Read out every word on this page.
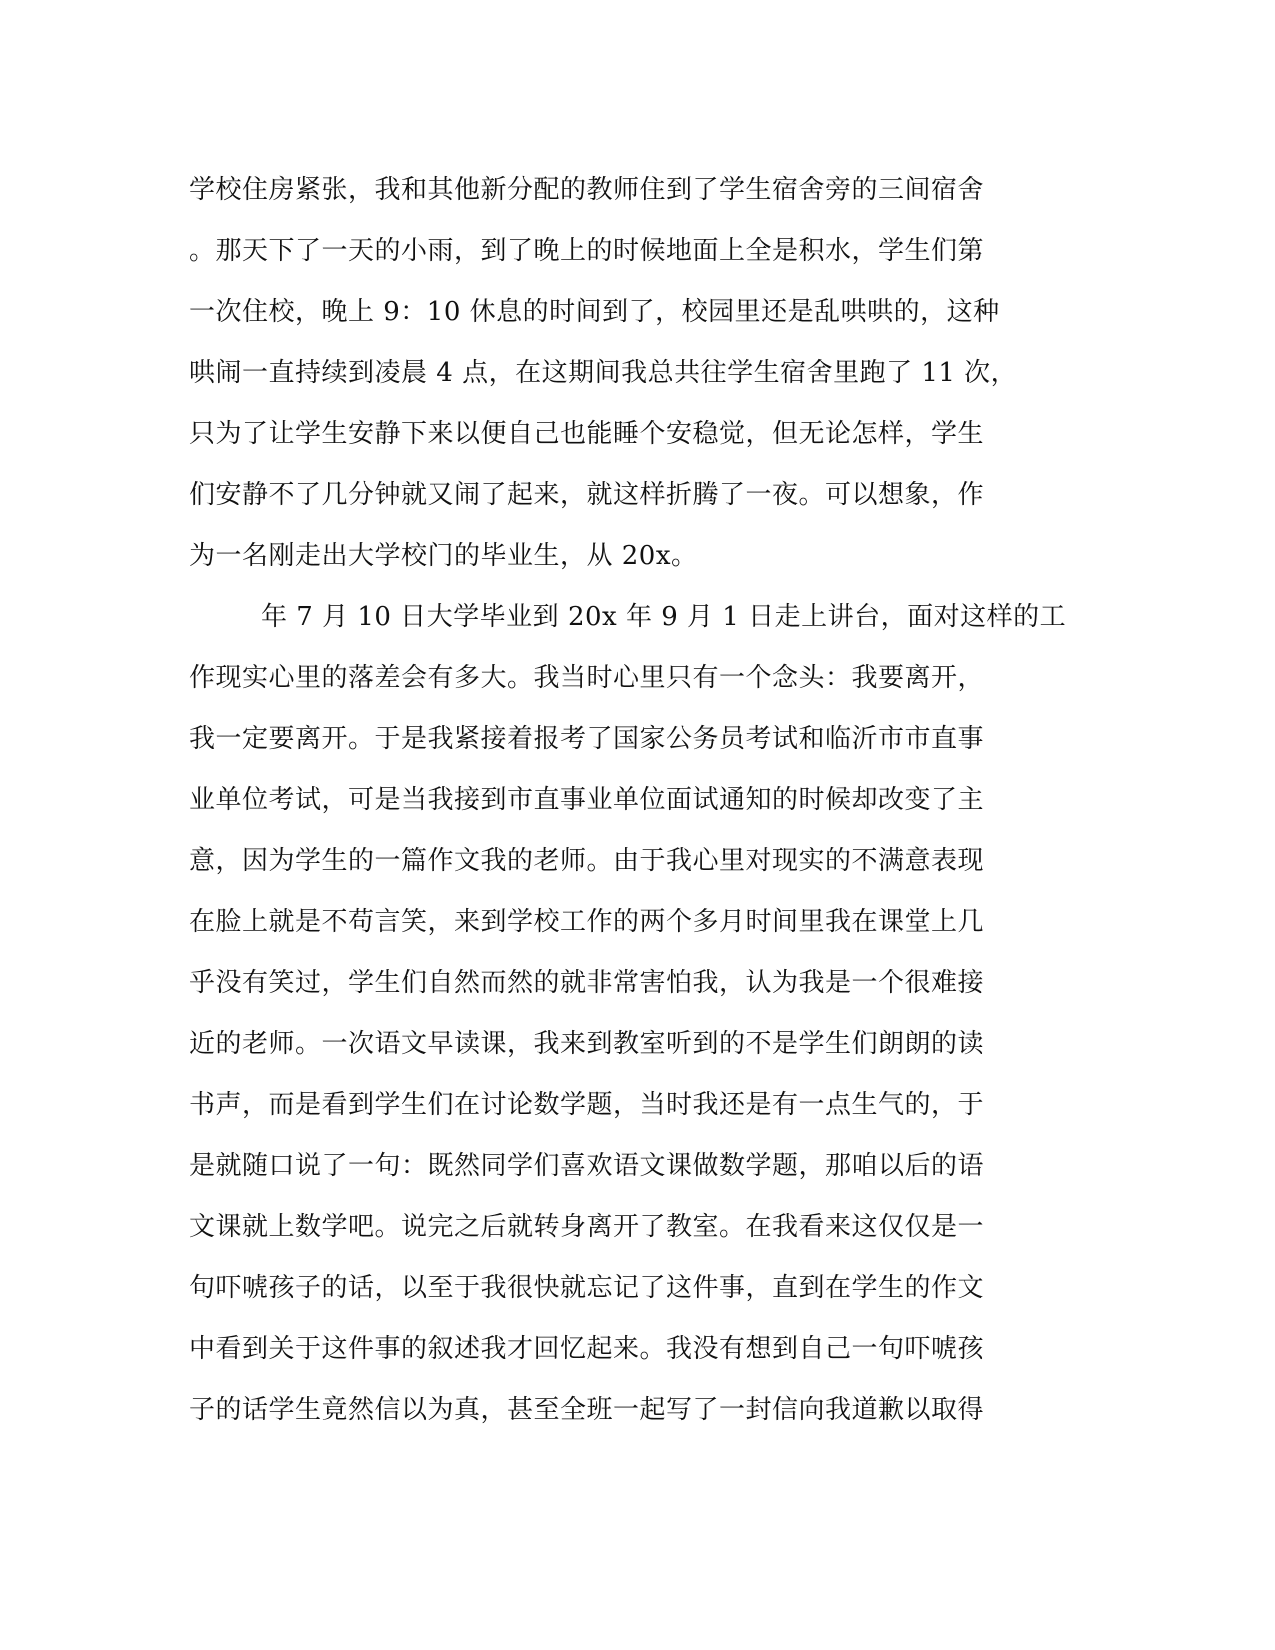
学校住房紧张，我和其他新分配的教师住到了学生宿舍旁的三间宿舍
。那天下了一天的小雨，到了晚上的时候地面上全是积水，学生们第
一次住校，晚上 9：10 休息的时间到了，校园里还是乱哄哄的，这种
哄闹一直持续到凌晨 4 点，在这期间我总共往学生宿舍里跑了 11 次，
只为了让学生安静下来以便自己也能睡个安稳觉，但无论怎样，学生
们安静不了几分钟就又闹了起来，就这样折腾了一夜。可以想象，作
为一名刚走出大学校门的毕业生，从 20x。
年 7 月 10 日大学毕业到 20x 年 9 月 1 日走上讲台，面对这样的工
作现实心里的落差会有多大。我当时心里只有一个念头：我要离开，
我一定要离开。于是我紧接着报考了国家公务员考试和临沂市市直事
业单位考试，可是当我接到市直事业单位面试通知的时候却改变了主
意，因为学生的一篇作文我的老师。由于我心里对现实的不满意表现
在脸上就是不苟言笑，来到学校工作的两个多月时间里我在课堂上几
乎没有笑过，学生们自然而然的就非常害怕我，认为我是一个很难接
近的老师。一次语文早读课，我来到教室听到的不是学生们朗朗的读
书声，而是看到学生们在讨论数学题，当时我还是有一点生气的，于
是就随口说了一句：既然同学们喜欢语文课做数学题，那咱以后的语
文课就上数学吧。说完之后就转身离开了教室。在我看来这仅仅是一
句吓唬孩子的话，以至于我很快就忘记了这件事，直到在学生的作文
中看到关于这件事的叙述我才回忆起来。我没有想到自己一句吓唬孩
子的话学生竟然信以为真，甚至全班一起写了一封信向我道歉以取得
